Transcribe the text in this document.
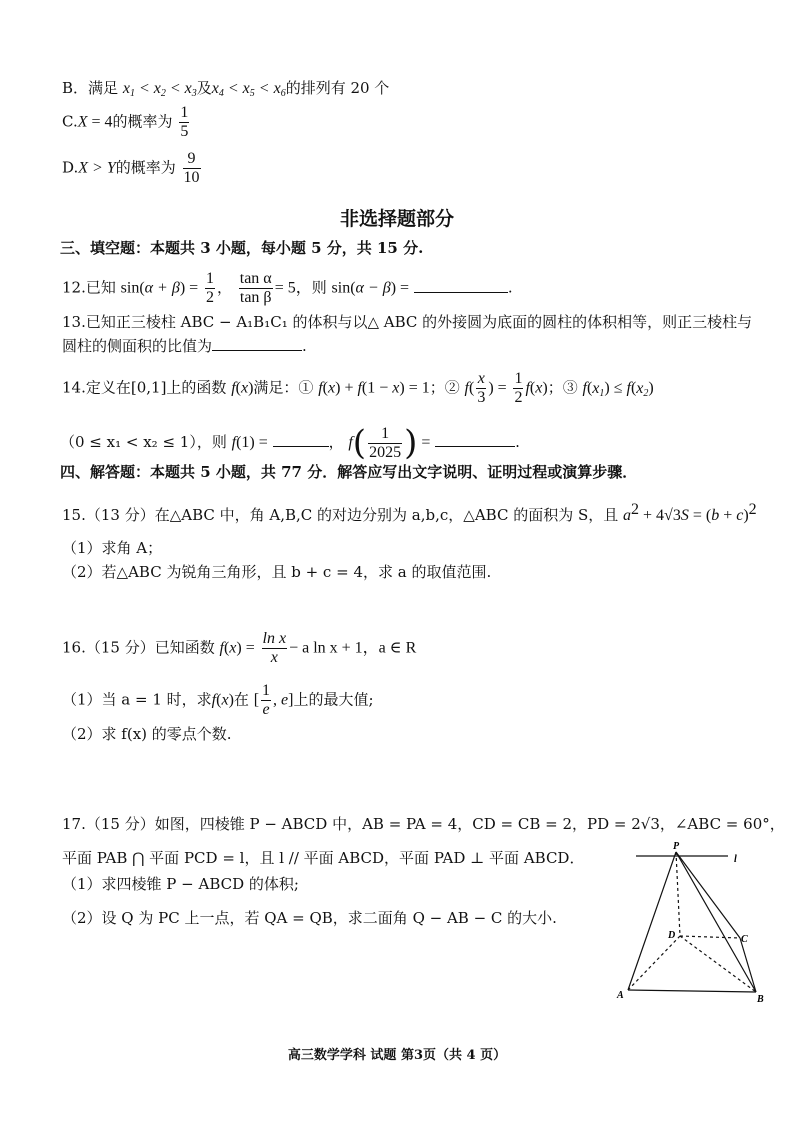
B．满足 $x_1 < x_2 < x_3$及$x_4 < x_5 < x_6$的排列有 20 个
C.X = 4的概率为 $\frac{1}{5}$
D.X > Y的概率为 $\frac{9}{10}$
非选择题部分
三、填空题：本题共 3 小题，每小题 5 分，共 15 分.
12.已知 $\sin(\alpha + \beta) = \frac{1}{2}$ ， $\frac{\text{tan α}}{\text{tan β}} = 5$，则 sin(α − β) =	.
13.已知正三棱柱 ABC − A₁B₁C₁ 的体积与以△ ABC 的外接圆为底面的圆柱的体积相等，则正三棱柱与
圆柱的侧面积的比值为	.
14.定义在[0,1]上的函数 f(x)满足：① f(x) + f(1 − x) = 1；② $f( \frac{x}{3}$ ) = $\frac{1}{2} f(x)$；③ $f(x_1) \le f(x_2)$
（0 ≤ x₁ < x₂ ≤ 1），则 f(1) =	， $f( \frac{1}{2025}$ ) =	.
四、解答题：本题共 5 小题，共 77 分．解答应写出文字说明、证明过程或演算步骤．
15.（13 分）在△ABC 中，角 A,B,C 的对边分别为 a,b,c，△ABC 的面积为 S，且 $a^2 + 4√3S = (b + c)^2$
（1）求角 A；
（2）若△ABC 为锐角三角形，且 b + c = 4，求 a 的取值范围.
16.（15 分）已知函数 $f(x) = \frac{\text{ln x}}{x} - a$ ln x + 1，a ∈ R
（1）当 a = 1 时，求f(x)在 [ $\frac{1}{e}$ , e]上的最大值;
（2）求 f(x) 的零点个数.
17.（15 分）如图，四棱锥 P − ABCD 中，AB = PA = 4，CD = CB = 2，PD = 2√3，∠ABC = 60°，
平面 PAB ⋂ 平面 PCD = l，且 l // 平面 ABCD，平面 PAD ⊥ 平面 ABCD．
（1）求四棱锥 P − ABCD 的体积;
（2）设 Q 为 PC 上一点，若 QA = QB，求二面角 Q − AB − C 的大小.
P
l
D	C
A	B
高三数学学科 试题 第3页（共 4 页）
